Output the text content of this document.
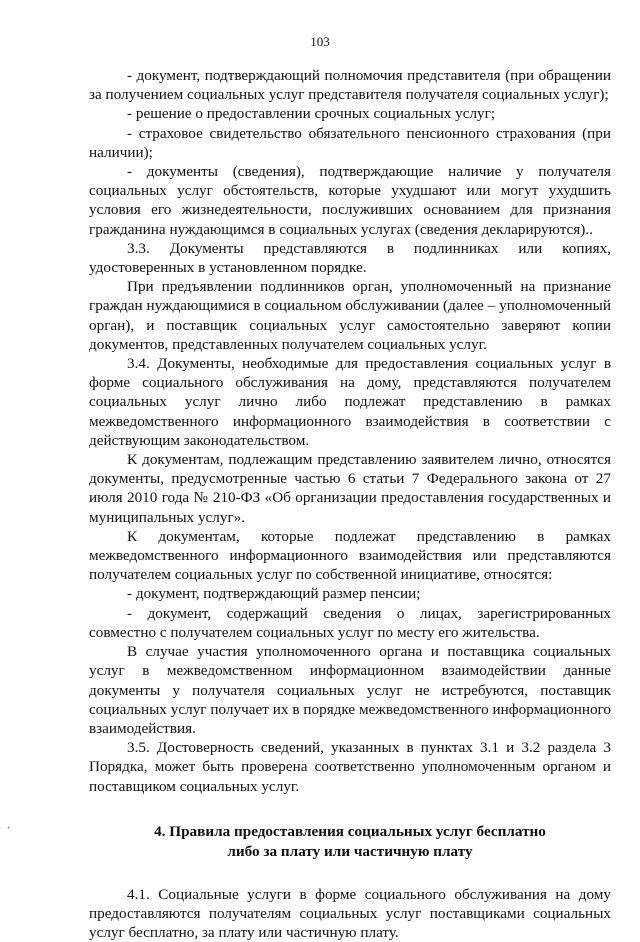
103

- документ, подтверждающий полномочия представителя (при обращении за получением социальных услуг представителя получателя социальных услуг);

- решение о предоставлении срочных социальных услуг;

- страховое свидетельство обязательного пенсионного страхования (при наличии);

- документы (сведения), подтверждающие наличие у получателя социальных услуг обстоятельств, которые ухудшают или могут ухудшить условия его жизнедеятельности, послуживших основанием для признания гражданина нуждающимся в социальных услугах (сведения декларируются)..

3.3. Документы представляются в подлинниках или копиях, удостоверенных в установленном порядке.

При предъявлении подлинников орган, уполномоченный на признание граждан нуждающимися в социальном обслуживании (далее – уполномоченный орган), и поставщик социальных услуг самостоятельно заверяют копии документов, представленных получателем социальных услуг.

3.4. Документы, необходимые для предоставления социальных услуг в форме социального обслуживания на дому, представляются получателем социальных услуг лично либо подлежат представлению в рамках межведомственного информационного взаимодействия в соответствии с действующим законодательством.

К документам, подлежащим представлению заявителем лично, относятся документы, предусмотренные частью 6 статьи 7 Федерального закона от 27 июля 2010 года № 210-ФЗ «Об организации предоставления государственных и муниципальных услуг».

К документам, которые подлежат представлению в рамках межведомственного информационного взаимодействия или представляются получателем социальных услуг по собственной инициативе, относятся:

- документ, подтверждающий размер пенсии;

- документ, содержащий сведения о лицах, зарегистрированных совместно с получателем социальных услуг по месту его жительства.

В случае участия уполномоченного органа и поставщика социальных услуг в межведомственном информационном взаимодействии данные документы у получателя социальных услуг не истребуются, поставщик социальных услуг получает их в порядке межведомственного информационного взаимодействия.

3.5. Достоверность сведений, указанных в пунктах 3.1 и 3.2 раздела 3 Порядка, может быть проверена соответственно уполномоченным органом и поставщиком социальных услуг.

4. Правила предоставления социальных услуг бесплатно
либо за плату или частичную плату

4.1. Социальные услуги в форме социального обслуживания на дому предоставляются получателям социальных услуг поставщиками социальных услуг бесплатно, за плату или частичную плату.

·
